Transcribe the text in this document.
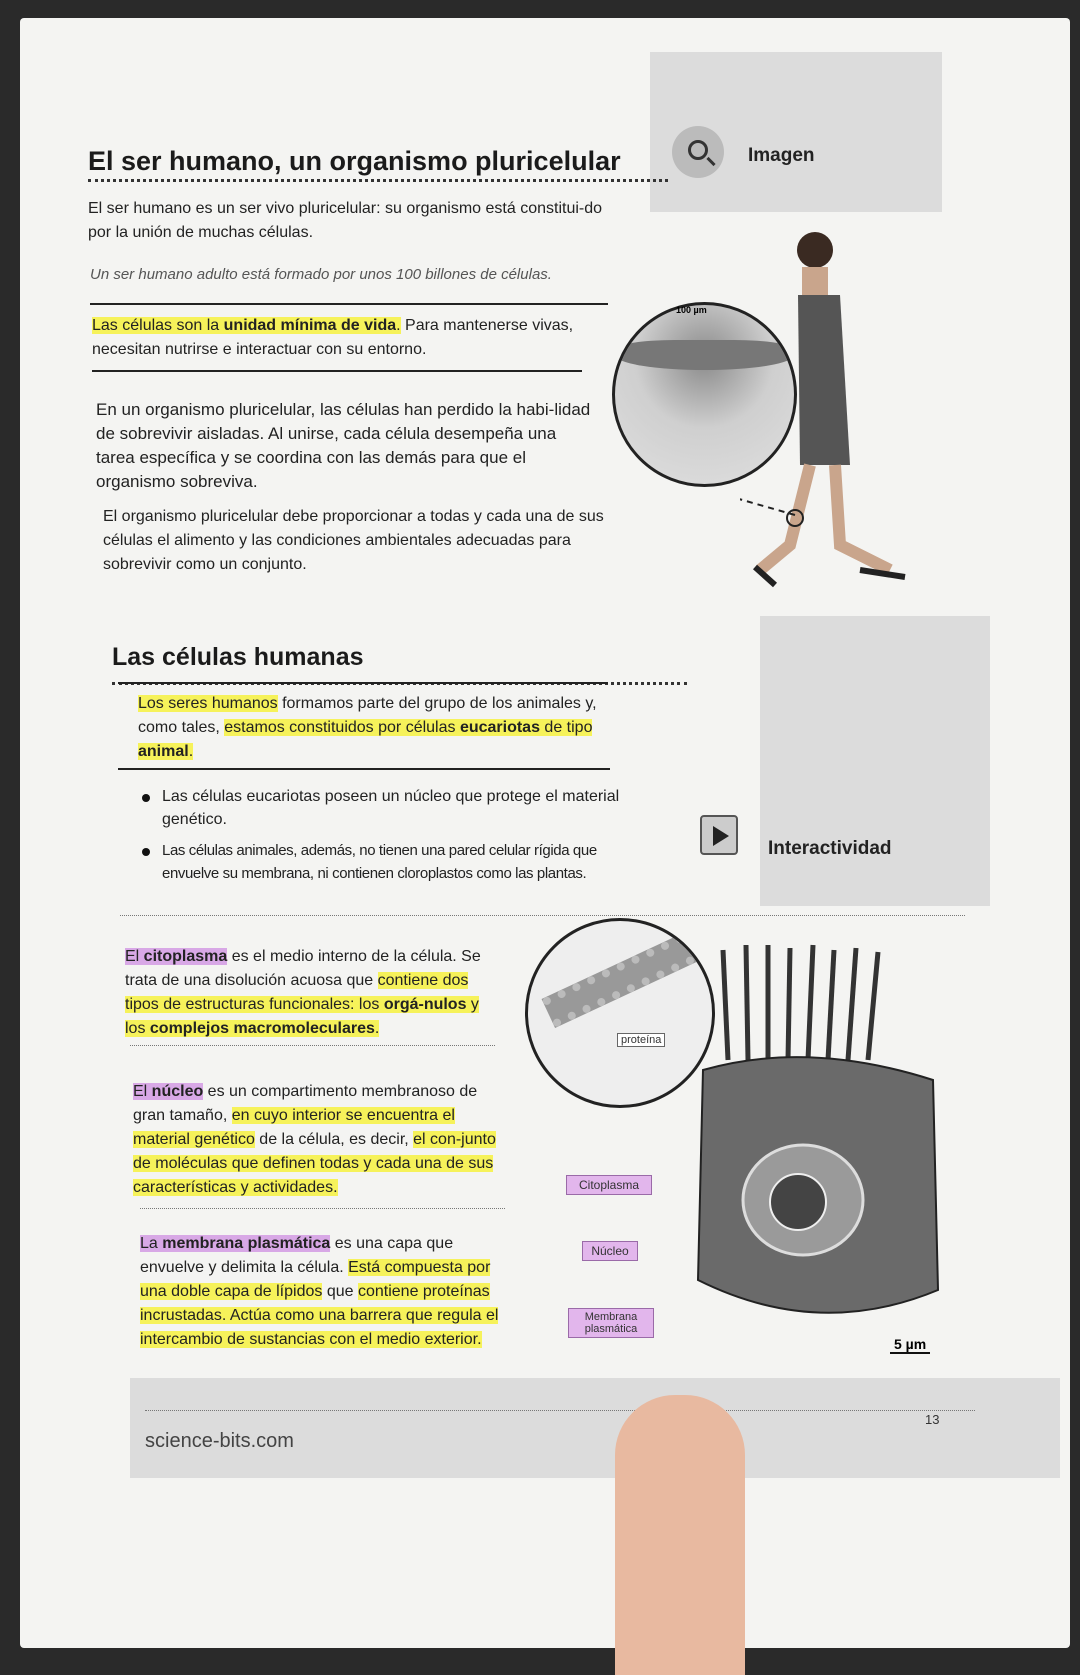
Imagen
El ser humano, un organismo pluricelular

El ser humano es un ser vivo pluricelular: su organismo está constitui-do por la unión de muchas células.

Un ser humano adulto está formado por unos 100 billones de células.

Las células son la unidad mínima de vida. Para mantenerse vivas, necesitan nutrirse e interactuar con su entorno.

En un organismo pluricelular, las células han perdido la habi-lidad de sobrevivir aisladas. Al unirse, cada célula desempeña una tarea específica y se coordina con las demás para que el organismo sobreviva.

El organismo pluricelular debe proporcionar a todas y cada una de sus células el alimento y las condiciones ambientales adecuadas para sobrevivir como un conjunto.

100 µm
Las células humanas

Los seres humanos formamos parte del grupo de los animales y, como tales, estamos constituidos por células eucariotas de tipo animal.

Las células eucariotas poseen un núcleo que protege el material genético.
Las células animales, además, no tienen una pared celular rígida que envuelve su membrana, ni contienen cloroplastos como las plantas.
Interactividad

El citoplasma es el medio interno de la célula. Se trata de una disolución acuosa que contiene dos tipos de estructuras funcionales: los orgá-nulos y los complejos macromoleculares.

El núcleo es un compartimento membranoso de gran tamaño, en cuyo interior se encuentra el material genético de la célula, es decir, el con-junto de moléculas que definen todas y cada una de sus características y actividades.

La membrana plasmática es una capa que envuelve y delimita la célula. Está compuesta por una doble capa de lípidos que contiene proteínas incrustadas. Actúa como una barrera que regula el intercambio de sustancias con el medio exterior.

proteína
Citoplasma
Núcleo
Membrana plasmática
5 µm
13
science-bits.com
